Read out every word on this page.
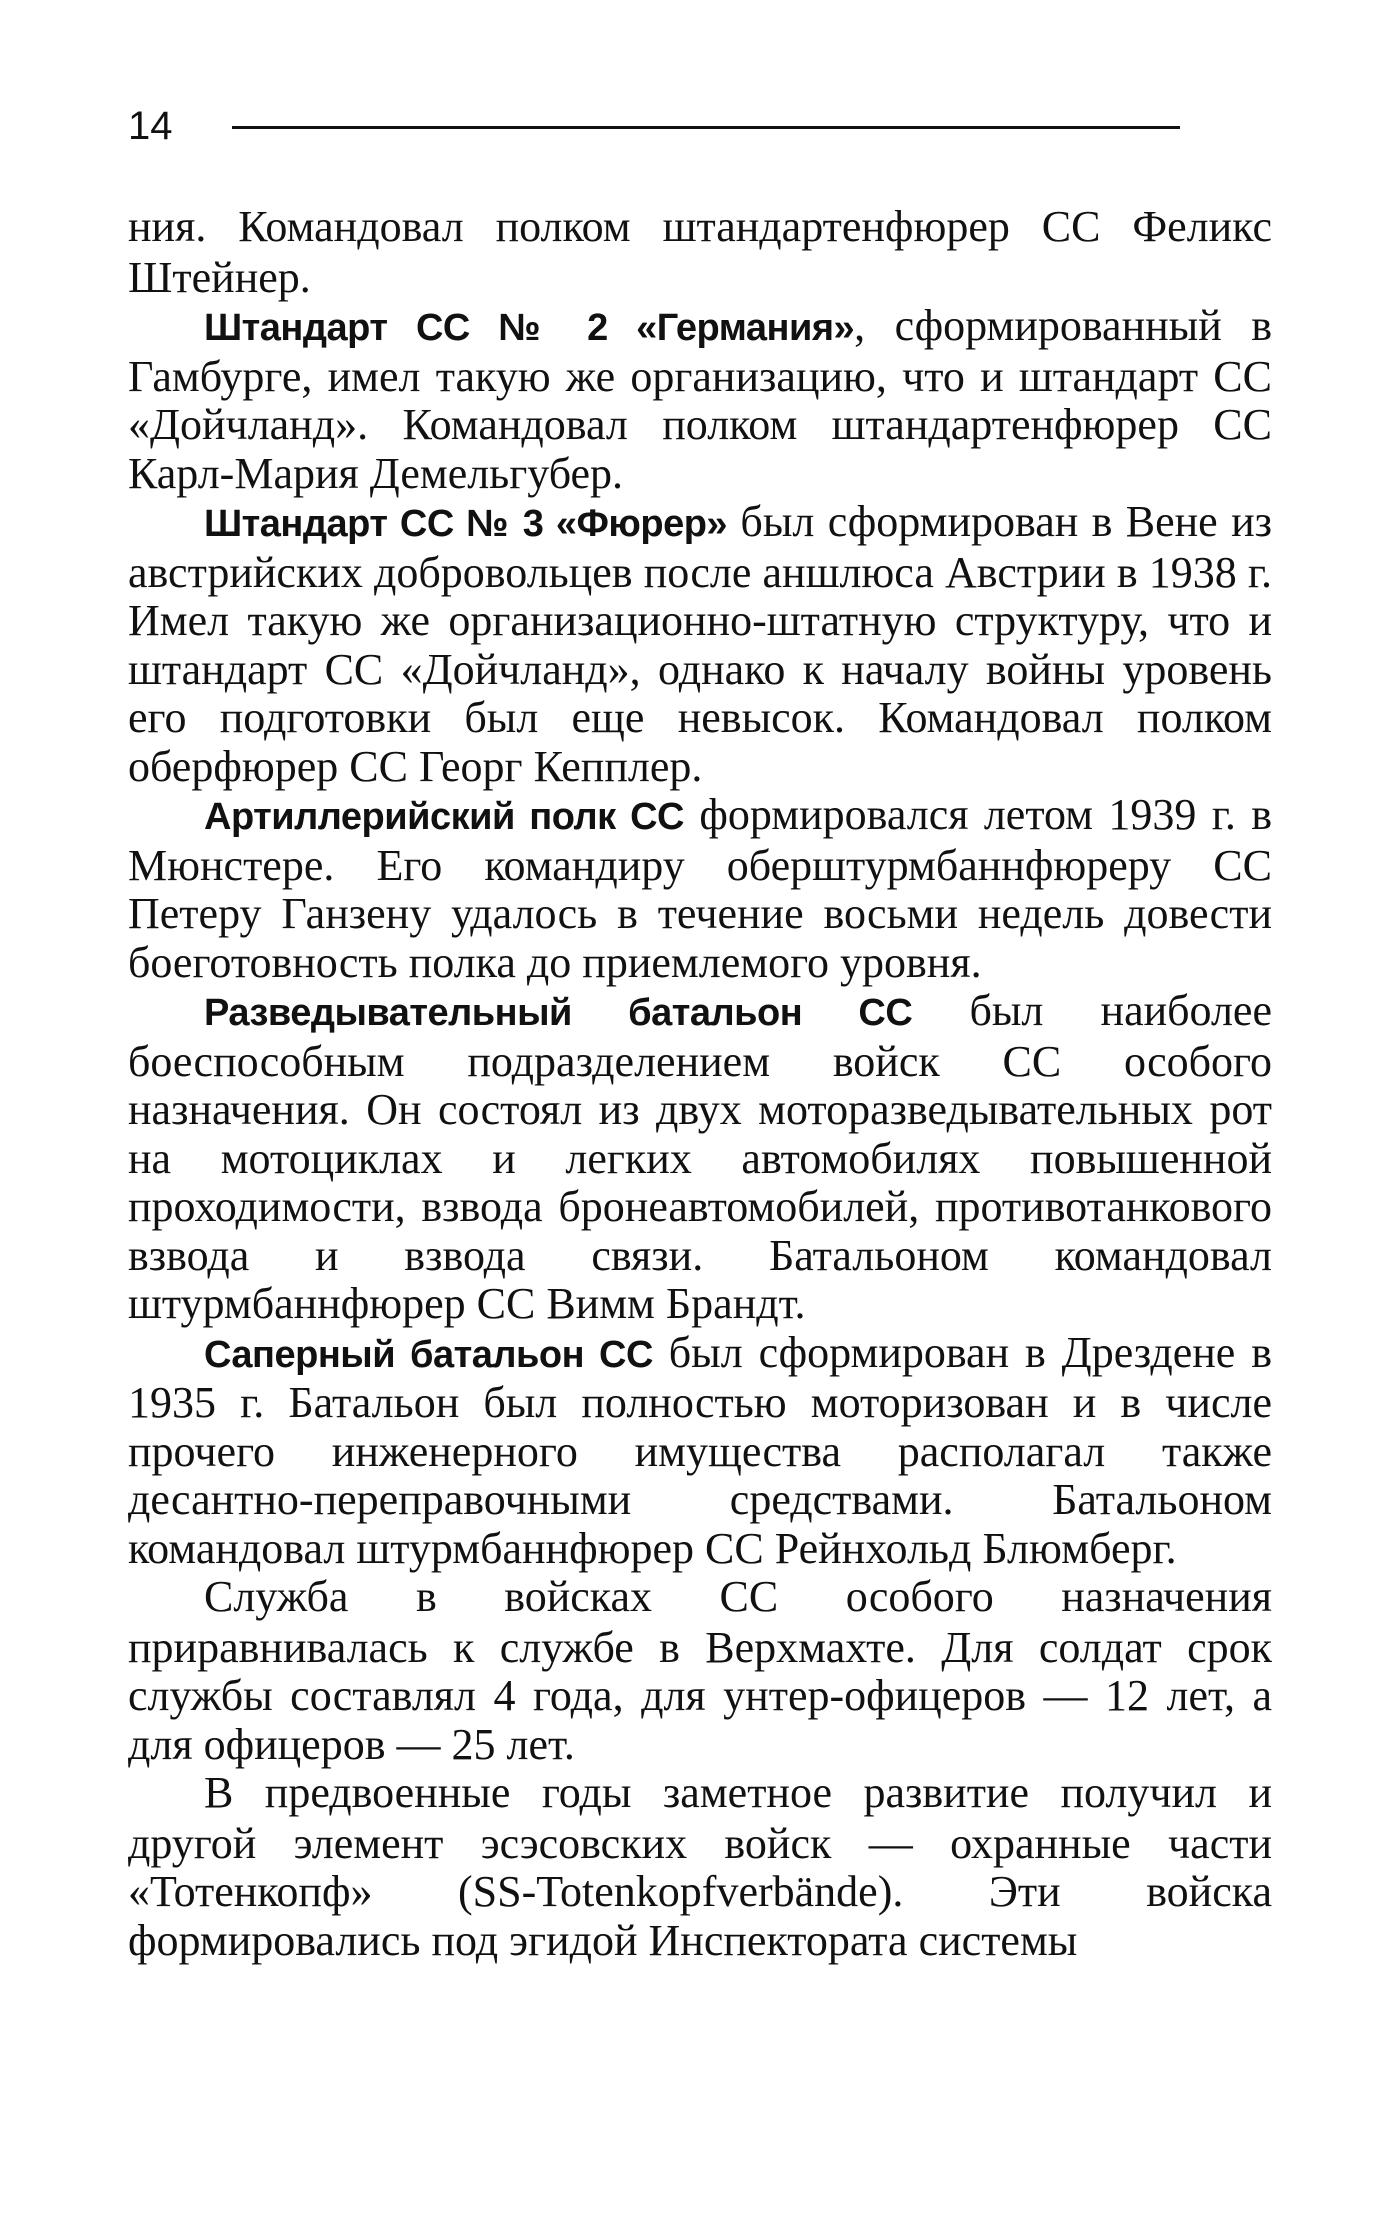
14

ния. Командовал полком штандартенфюрер СС Феликс Штейнер.

Штандарт СС № 2 «Германия», сформированный в Гамбурге, имел такую же организацию, что и штандарт СС «Дойчланд». Командовал полком штандартенфюрер СС Карл-Мария Демельгубер.

Штандарт СС № 3 «Фюрер» был сформирован в Вене из австрийских добровольцев после аншлюса Австрии в 1938 г. Имел такую же организационно-штатную структуру, что и штандарт СС «Дойчланд», однако к началу войны уровень его подготовки был еще невысок. Командовал полком оберфюрер СС Георг Кепплер.

Артиллерийский полк СС формировался летом 1939 г. в Мюнстере. Его командиру оберштурмбаннфюреру СС Петеру Ганзену удалось в течение восьми недель довести боеготовность полка до приемлемого уровня.

Разведывательный батальон СС был наиболее боеспособным подразделением войск СС особого назначения. Он состоял из двух моторазведывательных рот на мотоциклах и легких автомобилях повышенной проходимости, взвода бронеавтомобилей, противотанкового взвода и взвода связи. Батальоном командовал штурмбаннфюрер СС Вимм Брандт.

Саперный батальон СС был сформирован в Дрездене в 1935 г. Батальон был полностью моторизован и в числе прочего инженерного имущества располагал также десантно-переправочными средствами. Батальоном командовал штурмбаннфюрер СС Рейнхольд Блюмберг.

Служба в войсках СС особого назначения приравнивалась к службе в Верхмахте. Для солдат срок службы составлял 4 года, для унтер-офицеров — 12 лет, а для офицеров — 25 лет.

В предвоенные годы заметное развитие получил и другой элемент эсэсовских войск — охранные части «Тотенкопф» (SS-Totenkopfverbände). Эти войска формировались под эгидой Инспектората системы
